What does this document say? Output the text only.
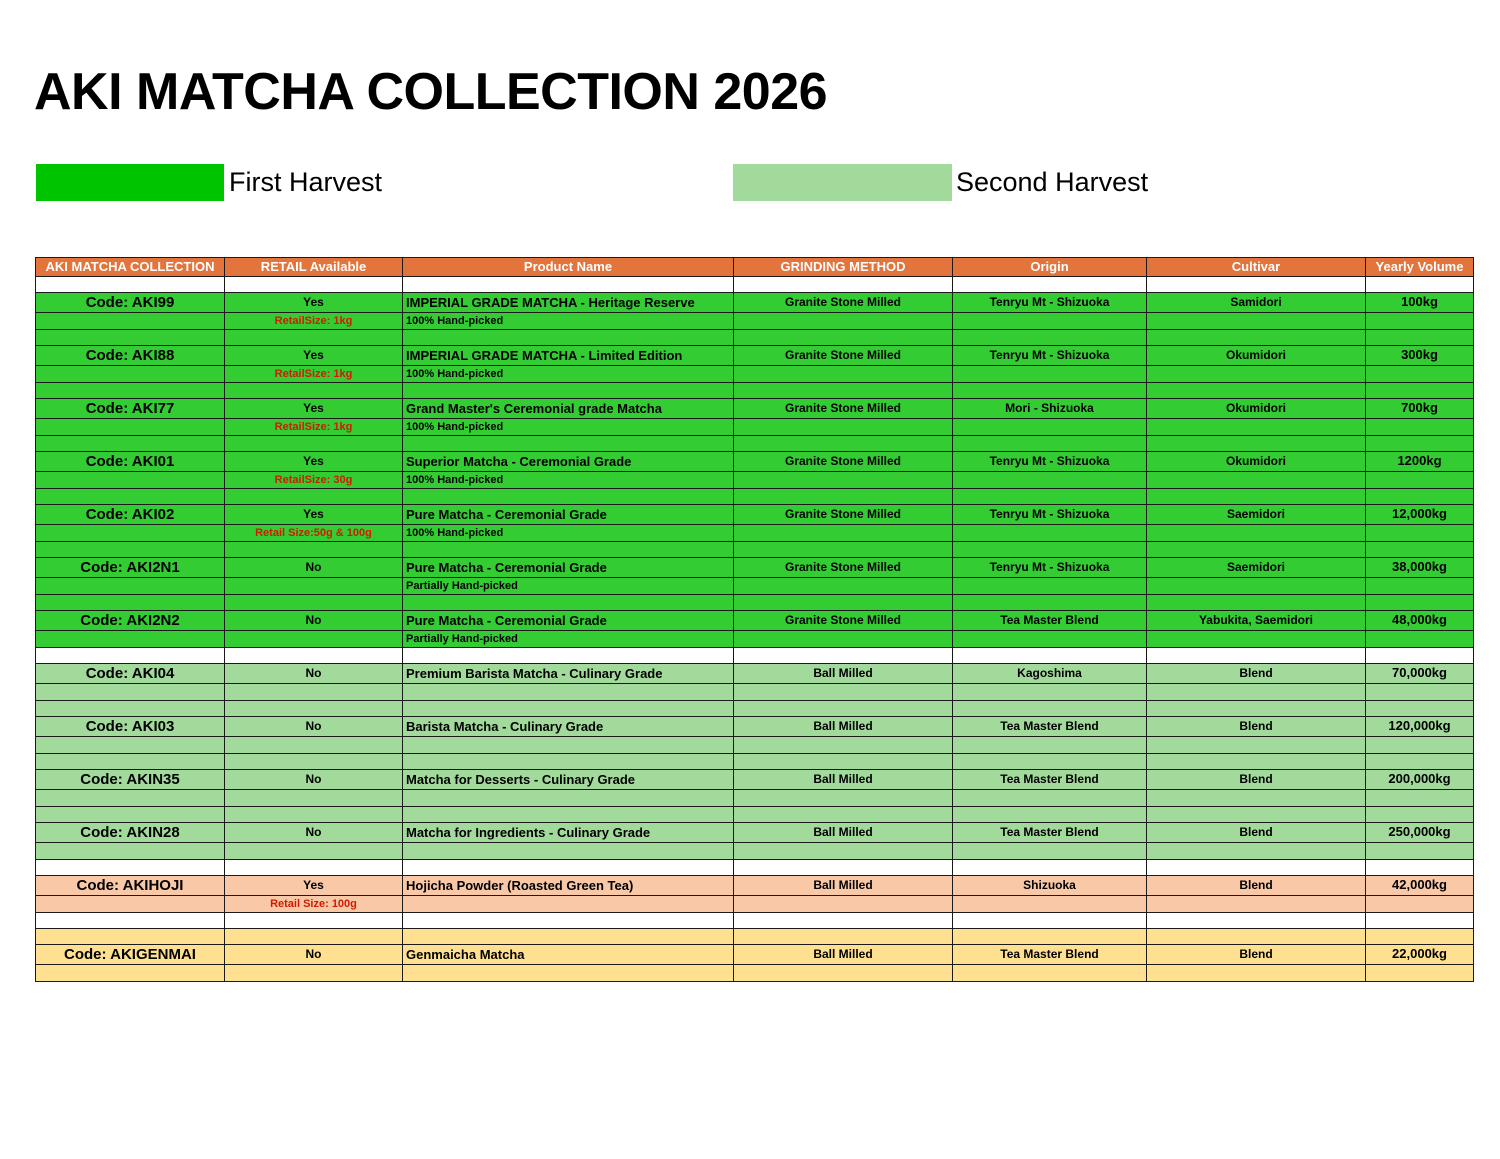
AKI MATCHA COLLECTION 2026
First Harvest	Second Harvest
AKI MATCHA COLLECTION	RETAIL Available	Product Name	GRINDING METHOD	Origin	Cultivar	Yearly Volume

Code: AKI99	Yes	IMPERIAL GRADE MATCHA - Heritage Reserve	Granite Stone Milled	Tenryu Mt - Shizuoka	Samidori	100kg
	RetailSize: 1kg	100% Hand-picked				

Code: AKI88	Yes	IMPERIAL GRADE MATCHA - Limited Edition	Granite Stone Milled	Tenryu Mt - Shizuoka	Okumidori	300kg
	RetailSize: 1kg	100% Hand-picked				

Code: AKI77	Yes	Grand Master's Ceremonial grade Matcha	Granite Stone Milled	Mori - Shizuoka	Okumidori	700kg
	RetailSize: 1kg	100% Hand-picked				

Code: AKI01	Yes	Superior Matcha - Ceremonial Grade	Granite Stone Milled	Tenryu Mt - Shizuoka	Okumidori	1200kg
	RetailSize: 30g	100% Hand-picked				

Code: AKI02	Yes	Pure Matcha - Ceremonial Grade	Granite Stone Milled	Tenryu Mt - Shizuoka	Saemidori	12,000kg
	Retail Size:50g & 100g	100% Hand-picked				

Code: AKI2N1	No	Pure Matcha - Ceremonial Grade	Granite Stone Milled	Tenryu Mt - Shizuoka	Saemidori	38,000kg
		Partially Hand-picked				

Code: AKI2N2	No	Pure Matcha - Ceremonial Grade	Granite Stone Milled	Tea Master Blend	Yabukita, Saemidori	48,000kg
		Partially Hand-picked				

Code: AKI04	No	Premium Barista Matcha - Culinary Grade	Ball Milled	Kagoshima	Blend	70,000kg

Code: AKI03	No	Barista Matcha - Culinary Grade	Ball Milled	Tea Master Blend	Blend	120,000kg

Code: AKIN35	No	Matcha for Desserts - Culinary Grade	Ball Milled	Tea Master Blend	Blend	200,000kg

Code: AKIN28	No	Matcha for Ingredients - Culinary Grade	Ball Milled	Tea Master Blend	Blend	250,000kg

Code: AKIHOJI	Yes	Hojicha Powder (Roasted Green Tea)	Ball Milled	Shizuoka	Blend	42,000kg
	Retail Size: 100g					

Code: AKIGENMAI	No	Genmaicha Matcha	Ball Milled	Tea Master Blend	Blend	22,000kg
